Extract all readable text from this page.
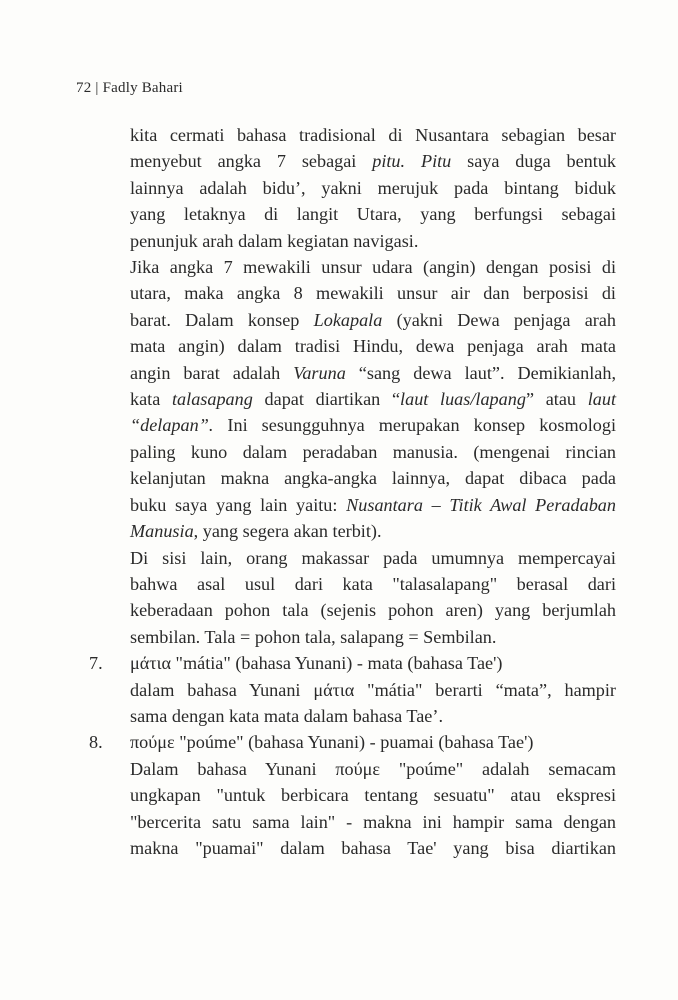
72 | Fadly Bahari
kita cermati bahasa tradisional di Nusantara sebagian besar
menyebut angka 7 sebagai pitu. Pitu saya duga bentuk
lainnya adalah bidu’, yakni merujuk pada bintang biduk
yang letaknya di langit Utara, yang berfungsi sebagai
penunjuk arah dalam kegiatan navigasi.
Jika angka 7 mewakili unsur udara (angin) dengan posisi di
utara, maka angka 8 mewakili unsur air dan berposisi di
barat. Dalam konsep Lokapala (yakni Dewa penjaga arah
mata angin) dalam tradisi Hindu, dewa penjaga arah mata
angin barat adalah Varuna “sang dewa laut”. Demikianlah,
kata talasapang dapat diartikan “laut luas/lapang” atau laut
“delapan”. Ini sesungguhnya merupakan konsep kosmologi
paling kuno dalam peradaban manusia. (mengenai rincian
kelanjutan makna angka-angka lainnya, dapat dibaca pada
buku saya yang lain yaitu: Nusantara – Titik Awal Peradaban
Manusia, yang segera akan terbit).
Di sisi lain, orang makassar pada umumnya mempercayai
bahwa asal usul dari kata "talasalapang" berasal dari
keberadaan pohon tala (sejenis pohon aren) yang berjumlah
sembilan. Tala = pohon tala, salapang = Sembilan.
7. μάτια "mátia" (bahasa Yunani) - mata (bahasa Tae')
dalam bahasa Yunani μάτια "mátia" berarti “mata”, hampir
sama dengan kata mata dalam bahasa Tae’.
8. πούμε "poúme" (bahasa Yunani) - puamai (bahasa Tae')
Dalam bahasa Yunani πούμε "poúme" adalah semacam
ungkapan "untuk berbicara tentang sesuatu" atau ekspresi
"bercerita satu sama lain" - makna ini hampir sama dengan
makna "puamai" dalam bahasa Tae' yang bisa diartikan
